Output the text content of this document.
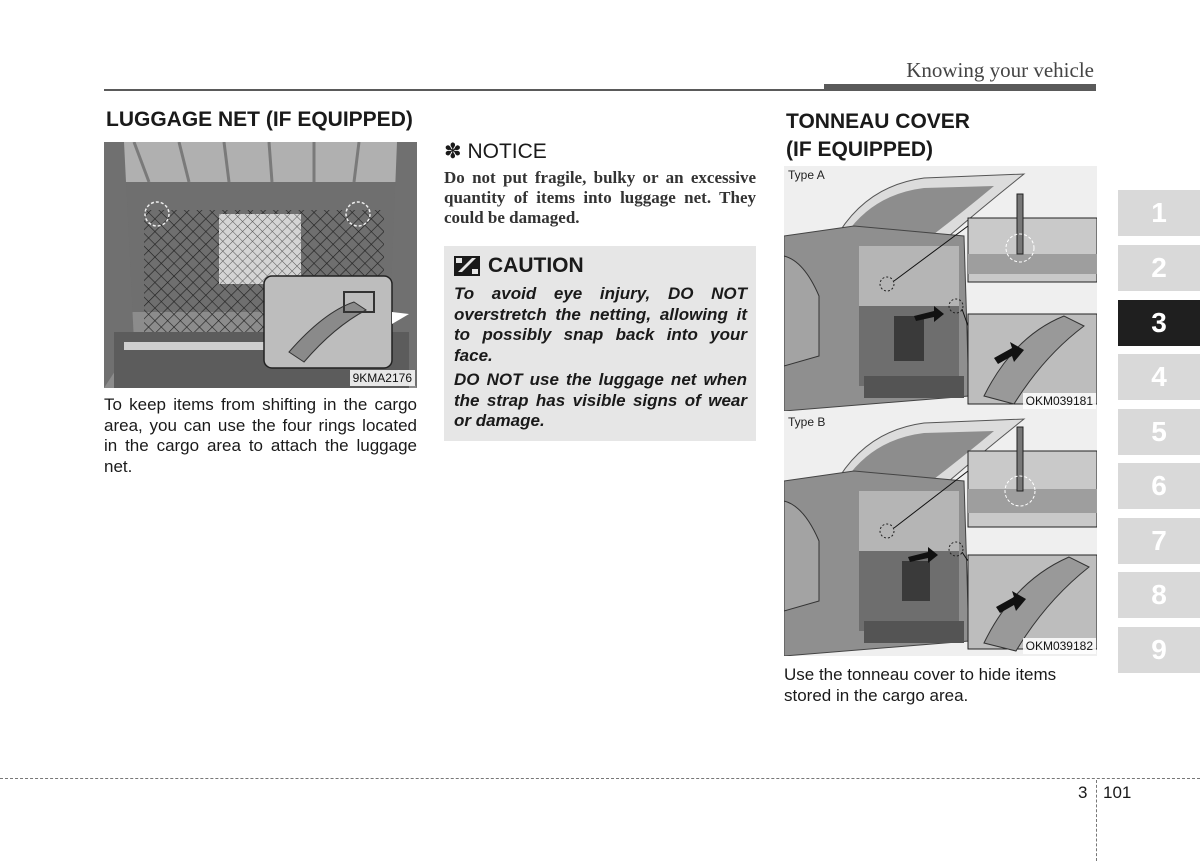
Knowing your vehicle
LUGGAGE NET (IF EQUIPPED)
9KMA2176
To keep items from shifting in the cargo area, you can use the four rings located in the cargo area to attach the luggage net.
✽ NOTICE
Do not put fragile, bulky or an excessive quantity of items into luggage net. They could be damaged.
CAUTION

To avoid eye injury, DO NOT overstretch the netting, allowing it to possibly snap back into your face.

DO NOT use the luggage net when the strap has visible signs of wear or damage.

TONNEAU COVER
(IF EQUIPPED)
Type A
OKM039181
Type B
OKM039182
Use the tonneau cover to hide items stored in the cargo area.
1
2
3
4
5
6
7
8
9
3 101
